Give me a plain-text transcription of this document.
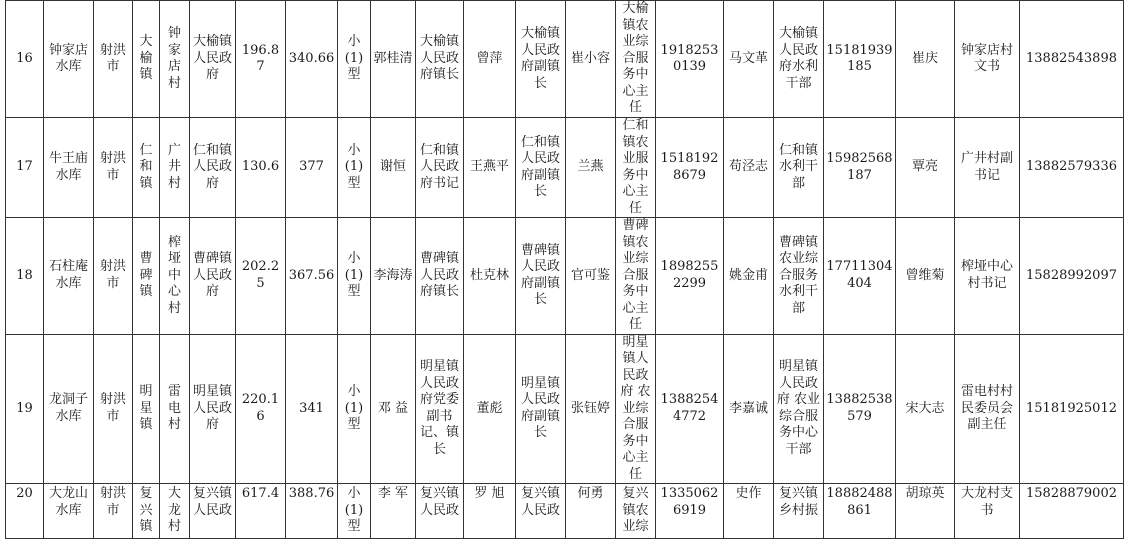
16	钟家店水库	射洪市	大榆镇	钟家店村	大榆镇人民政府	196.87	340.66	小(1)型	郭桂清	大榆镇人民政府镇长	曾萍	大榆镇人民政府副镇长	崔小容	大榆镇农业综合服务中心主任	19182530139	马文革	大榆镇人民政府水利干部	15181939185	崔庆	钟家店村文书	13882543898
17	牛王庙水库	射洪市	仁和镇	广井村	仁和镇人民政府	130.6	377	小(1)型	谢恒	仁和镇人民政府书记	王燕平	仁和镇人民政府副镇长	兰燕	仁和镇农业服务中心主任	15181928679	苟泾志	仁和镇水利干部	15982568187	覃亮	广井村副书记	13882579336
18	石柱庵水库	射洪市	曹碑镇	榨垭中心村	曹碑镇人民政府	202.25	367.56	小(1)型	李海涛	曹碑镇人民政府镇长	杜克林	曹碑镇人民政府副镇长	官可鉴	曹碑镇农业综合服务中心主任	18982552299	姚金甫	曹碑镇农业综合服务水利干部	17711304404	曾维菊	榨垭中心村书记	15828992097
19	龙洞子水库	射洪市	明星镇	雷电村	明星镇人民政府	220.16	341	小(1)型	邓 益	明星镇人民政府党委副书记、镇长	董彪	明星镇人民政府副镇长	张钰婷	明星镇人民政府 农业综合服务中心主任	13882544772	李嘉诚	明星镇人民政府 农业综合服务中心干部	13882538579	宋大志	雷电村村民委员会副主任	15181925012
20	大龙山水库	射洪市	复兴镇	大龙村	复兴镇人民政	617.4	388.76	小(1)型	李 军	复兴镇人民政	罗 旭	复兴镇人民政	何勇	复兴镇农业综	13350626919	史作	复兴镇乡村振	18882488861	胡琼英	大龙村支书	15828879002
